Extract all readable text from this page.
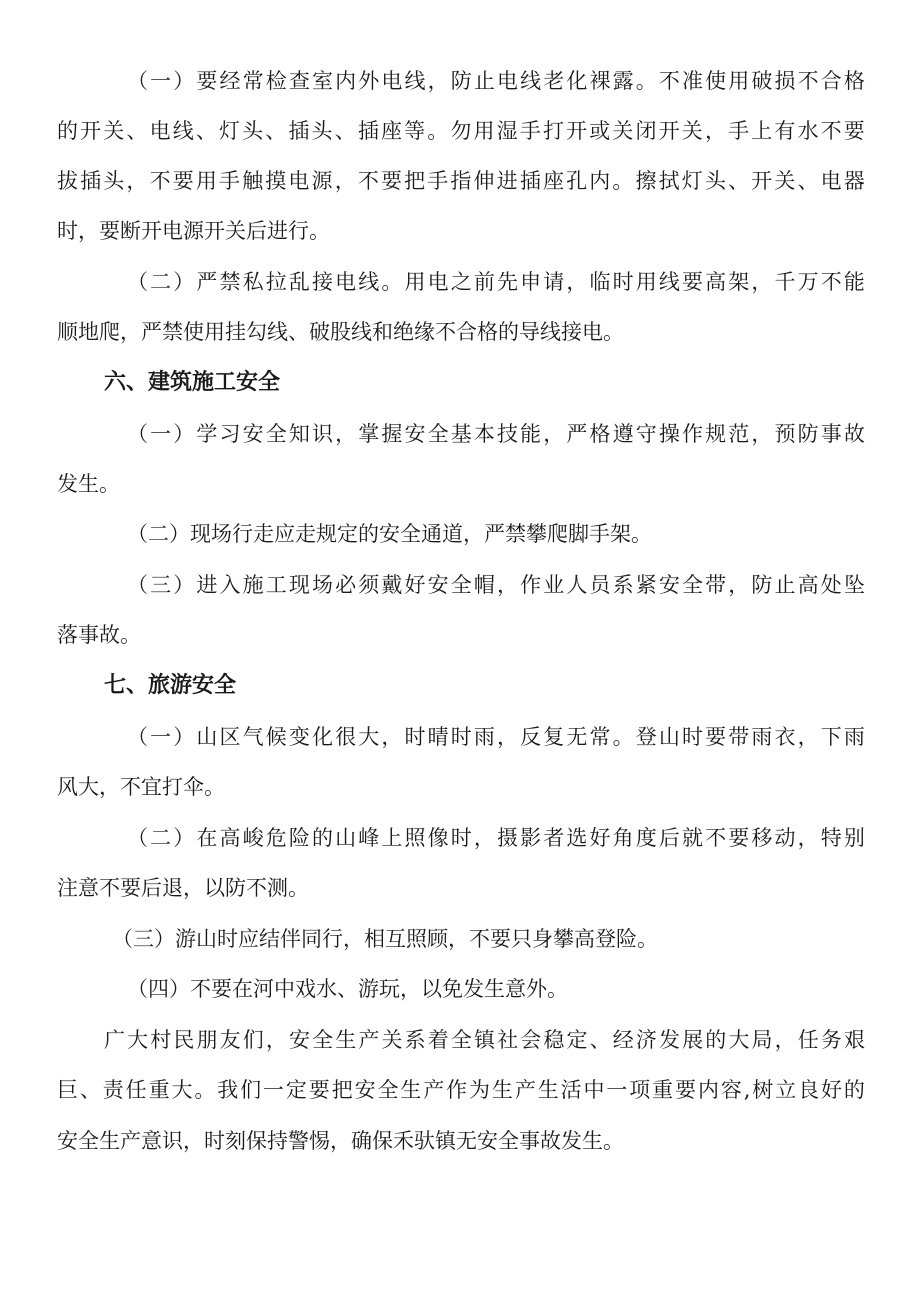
（ 一 ） 要 经 常 检 查 室 内 外 电 线 ， 防 止 电 线 老 化 裸 露 。 不 准 使 用 破 损 不 合 格

的 开 关 、 电 线 、 灯 头 、 插 头 、 插 座 等 。 勿 用 湿 手 打 开 或 关 闭 开 关 ， 手 上 有 水 不 要

拔 插 头 ， 不 要 用 手 触 摸 电 源 ， 不 要 把 手 指 伸 进 插 座 孔 内 。 擦 拭 灯 头 、 开 关 、 电 器

时，要断开电源开关后进行。

（ 二 ） 严 禁 私 拉 乱 接 电 线 。 用 电 之 前 先 申 请 ， 临 时 用 线 要 高 架 ， 千 万 不 能

顺地爬，严禁使用挂勾线、破股线和绝缘不合格的导线接电。

六、建筑施工安全

（ 一 ） 学 习 安 全 知 识 ， 掌 握 安 全 基 本 技 能 ， 严 格 遵 守 操 作 规 范 ， 预 防 事 故

发生。

（二）现场行走应走规定的安全通道，严禁攀爬脚手架。

（ 三 ） 进 入 施 工 现 场 必 须 戴 好 安 全 帽 ， 作 业 人 员 系 紧 安 全 带 ， 防 止 高 处 坠

落事故。

七、旅游安全

（ 一 ） 山 区 气 候 变 化 很 大 ， 时 晴 时 雨 ， 反 复 无 常 。 登 山 时 要 带 雨 衣 ， 下 雨

风大，不宜打伞。

（ 二 ） 在 高 峻 危 险 的 山 峰 上 照 像 时 ， 摄 影 者 选 好 角 度 后 就 不 要 移 动 ， 特 别

注意不要后退，以防不测。

（三）游山时应结伴同行，相互照顾，不要只身攀高登险。

（四）不要在河中戏水、游玩，以免发生意外。

广 大 村 民 朋 友 们 ， 安 全 生 产 关 系 着 全 镇 社 会 稳 定 、 经 济 发 展 的 大 局 ， 任 务 艰

巨 、 责 任 重 大 。 我 们 一 定 要 把 安 全 生 产 作 为 生 产 生 活 中 一 项 重 要 内 容 , 树 立 良 好 的

安全生产意识，时刻保持警惕，确保禾驮镇无安全事故发生。
